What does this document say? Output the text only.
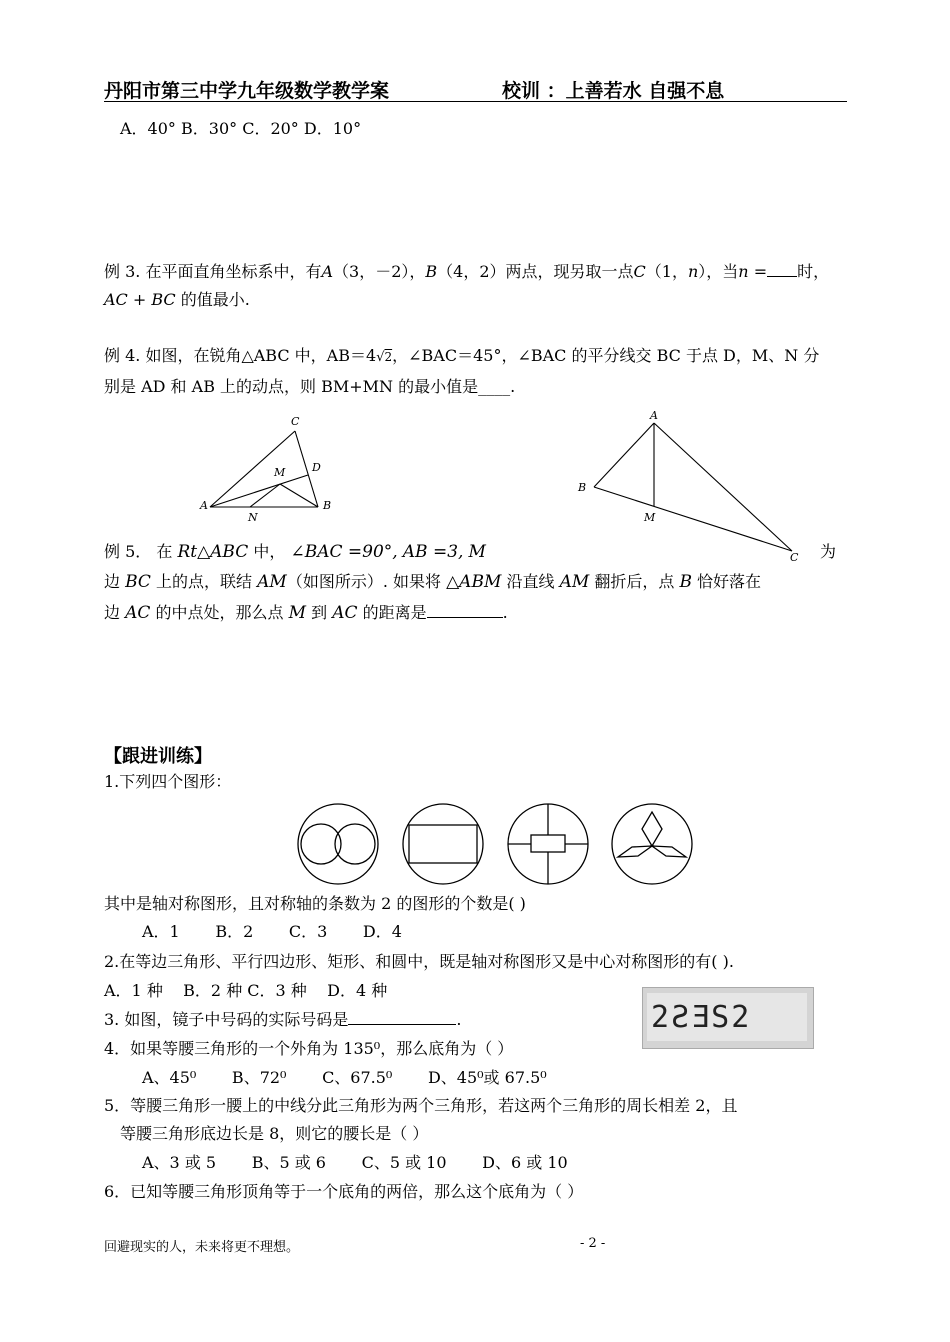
丹阳市第三中学九年级数学教学案	校训 ：上善若水 自强不息
A．40° B．30° C．20° D．10°
例 3. 在平面直角坐标系中，有A（3，－2），B（4，2）两点，现另取一点C（1，n），当n = 时，
AC + BC 的值最小.
例 4. 如图，在锐角△ABC 中，AB＝4√2，∠BAC＝45°，∠BAC 的平分线交 BC 于点 D，M、N 分
别是 AD 和 AB 上的动点，则 BM+MN 的最小值是____.
A	B
C
D
M
N
A
B
C
M
例 5． 在 Rt△ABC 中， ∠BAC =90°, AB =3, M	为
边 BC 上的点，联结 AM（如图所示）. 如果将 △ABM 沿直线 AM 翻折后，点 B 恰好落在
边 AC 的中点处，那么点 M 到 AC 的距离是	.
【跟进训练】
1.下列四个图形：
其中是轴对称图形，且对称轴的条数为 2 的图形的个数是( )
A．1       B．2       C．3       D．4
2.在等边三角形、平行四边形、矩形、和圆中，既是轴对称图形又是中心对称图形的有( ).
A．1 种    B．2 种 C．3 种    D．4 种
3. 如图，镜子中号码的实际号码是	.	2ƧƎS2
4．如果等腰三角形的一个外角为 135⁰，那么底角为（ ）
A、45⁰       B、72⁰       C、67.5⁰       D、45⁰或 67.5⁰
5．等腰三角形一腰上的中线分此三角形为两个三角形，若这两个三角形的周长相差 2，且
等腰三角形底边长是 8，则它的腰长是（ ）
A、3 或 5       B、5 或 6       C、5 或 10       D、6 或 10
6．已知等腰三角形顶角等于一个底角的两倍，那么这个底角为（ ）
回避现实的人，未来将更不理想。	- 2 -
